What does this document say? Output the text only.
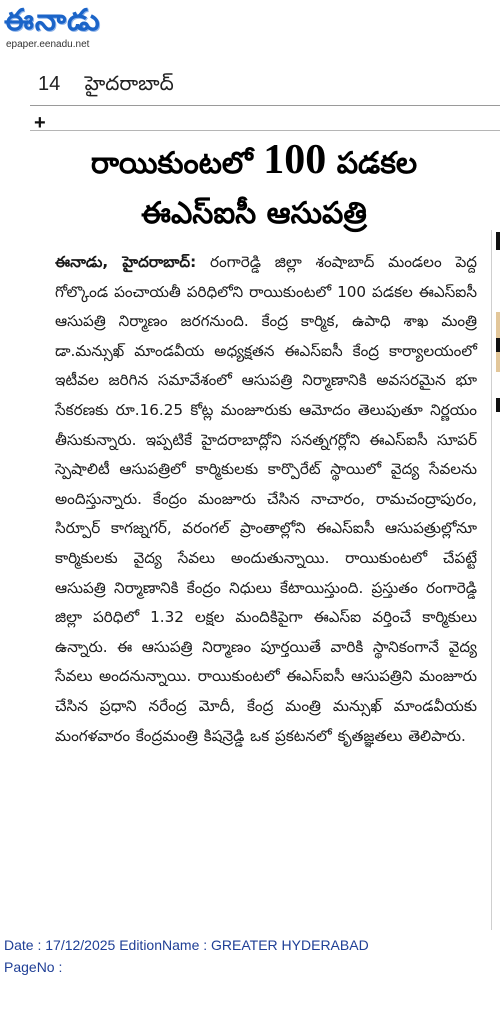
ఈనాడు
epaper.eenadu.net
14 హైదరాబాద్
+
రాయికుంటలో 100 పడకల
ఈఎస్ఐసీ ఆసుపత్రి
ఈనాడు, హైదరాబాద్: రంగారెడ్డి జిల్లా శంషాబాద్ మండలం పెద్ద గోల్కొండ పంచాయతీ పరిధిలోని రాయికుంటలో 100 పడకల ఈఎస్ఐసీ ఆసుపత్రి నిర్మాణం జరగనుంది. కేంద్ర కార్మిక, ఉపాధి శాఖ మంత్రి డా.మన్సుఖ్ మాండవీయ అధ్యక్షతన ఈఎస్ఐసీ కేంద్ర కార్యాలయంలో ఇటీవల జరిగిన సమావేశంలో ఆసుపత్రి నిర్మాణానికి అవసరమైన భూ సేకరణకు రూ.16.25 కోట్ల మంజూరుకు ఆమోదం తెలుపుతూ నిర్ణయం తీసుకున్నారు. ఇప్పటికే హైదరాబాద్లోని సనత్నగర్లోని ఈఎస్ఐసీ సూపర్ స్పెషాలిటీ ఆసుపత్రిలో కార్మికులకు కార్పొరేట్ స్థాయిలో వైద్య సేవలను అందిస్తున్నారు. కేంద్రం మంజూరు చేసిన నాచారం, రామచంద్రాపురం, సిర్పూర్ కాగజ్నగర్, వరంగల్ ప్రాంతాల్లోని ఈఎస్ఐసీ ఆసుపత్రుల్లోనూ కార్మికులకు వైద్య సేవలు అందుతున్నాయి. రాయికుంటలో చేపట్టే ఆసుపత్రి నిర్మాణానికి కేంద్రం నిధులు కేటాయిస్తుంది. ప్రస్తుతం రంగారెడ్డి జిల్లా పరిధిలో 1.32 లక్షల మందికిపైగా ఈఎస్ఐ వర్తించే కార్మికులు ఉన్నారు. ఈ ఆసుపత్రి నిర్మాణం పూర్తయితే వారికి స్థానికంగానే వైద్య సేవలు అందనున్నాయి. రాయికుంటలో ఈఎస్ఐసీ ఆసుపత్రిని మంజూరు చేసిన ప్రధాని నరేంద్ర మోదీ, కేంద్ర మంత్రి మన్సుఖ్ మాండవీయకు మంగళవారం కేంద్రమంత్రి కిషన్రెడ్డి ఒక ప్రకటనలో కృతజ్ఞతలు తెలిపారు.
Date : 17/12/2025 EditionName : GREATER HYDERABAD
PageNo :
